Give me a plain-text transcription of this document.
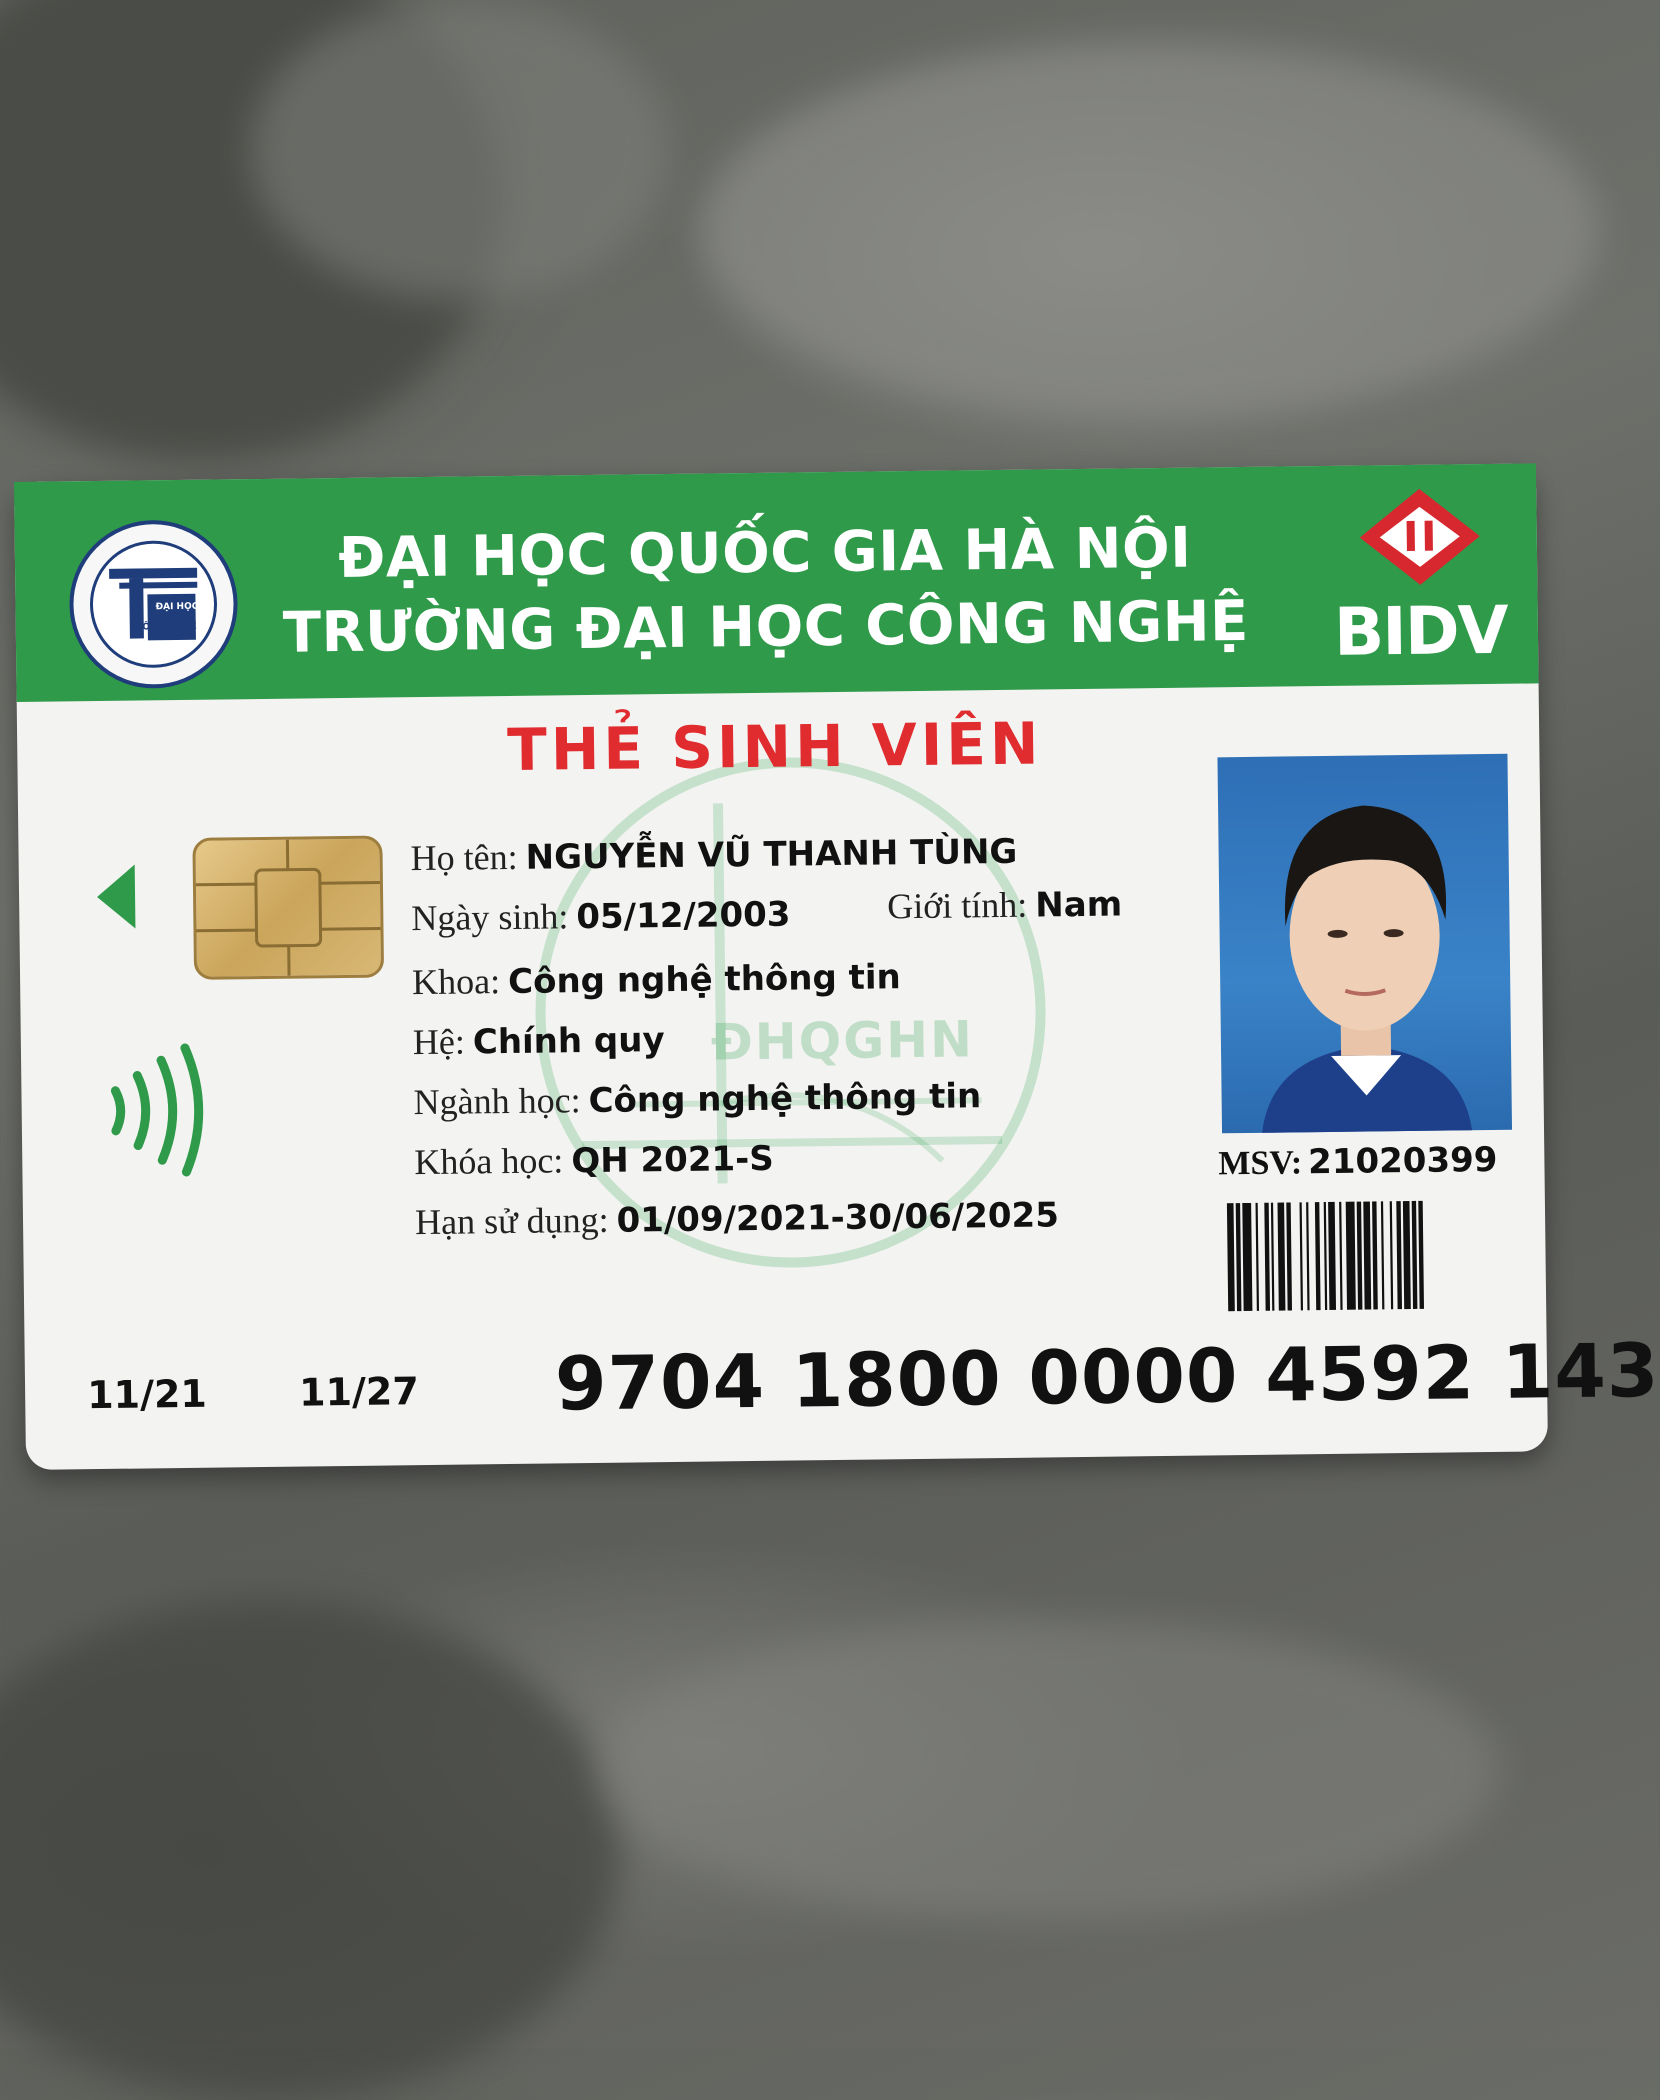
ĐẠI HỌC
CÔNG NGHỆ
ĐẠI HỌC QUỐC GIA HÀ NỘI
TRƯỜNG ĐẠI HỌC CÔNG NGHỆ BIDV
ĐHQGHN
THẺ SINH VIÊN
Họ tên: NGUYỄN VŨ THANH TÙNG
Ngày sinh: 05/12/2003	Giới tính: Nam
Khoa: Công nghệ thông tin
Hệ: Chính quy
Ngành học: Công nghệ thông tin
Khóa học: QH 2021-S
Hạn sử dụng: 01/09/2021-30/06/2025
MSV: 21020399
11/21 11/27 9704 1800 0000 4592 143
